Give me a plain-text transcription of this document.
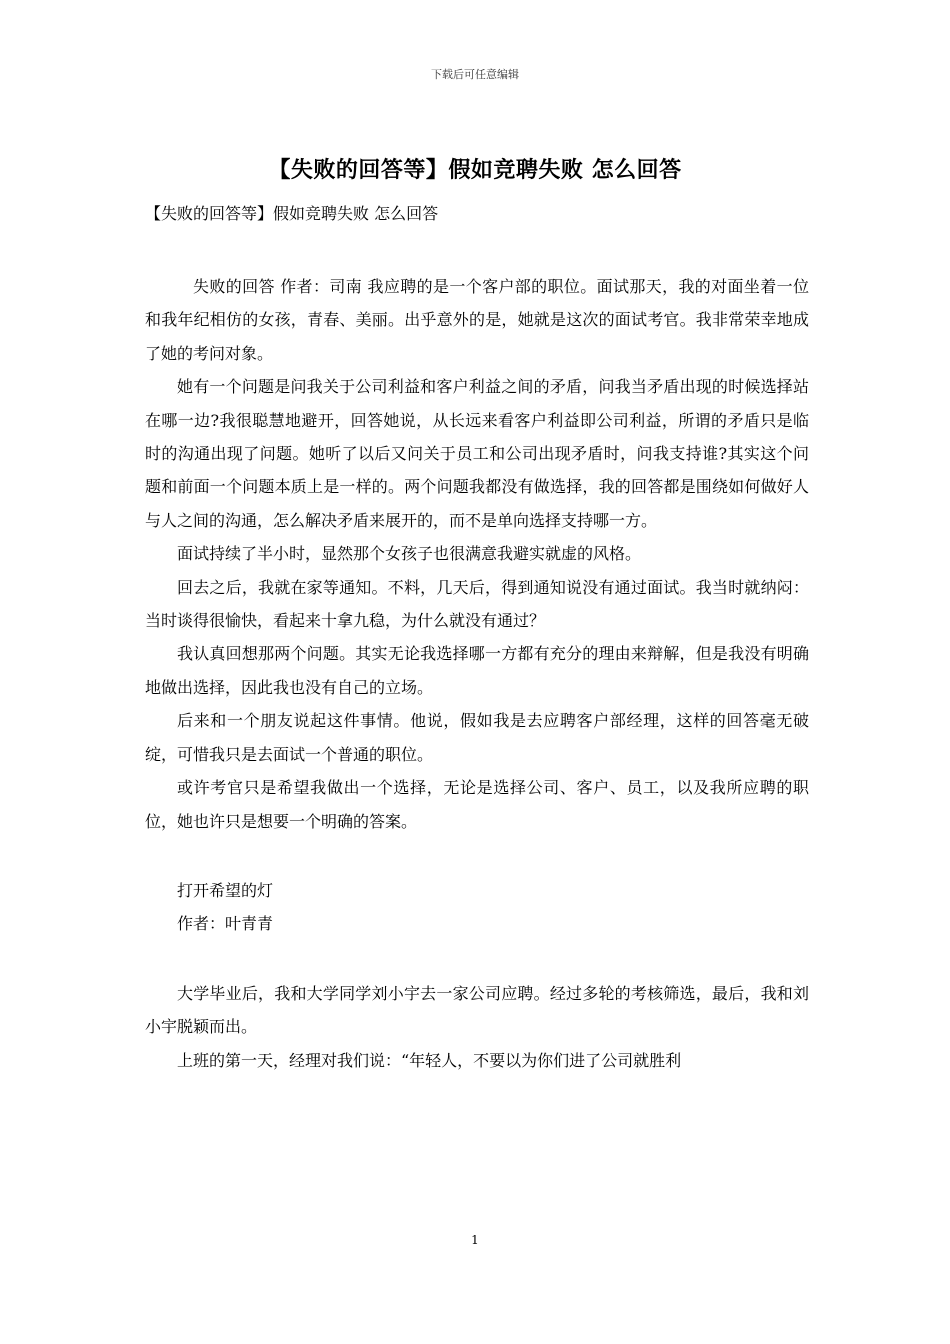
下载后可任意编辑
【失败的回答等】假如竞聘失败 怎么回答
【失败的回答等】假如竞聘失败 怎么回答

失败的回答 作者：司南 我应聘的是一个客户部的职位。面试那天，我的对面坐着一位和我年纪相仿的女孩，青春、美丽。出乎意外的是，她就是这次的面试考官。我非常荣幸地成了她的考问对象。

她有一个问题是问我关于公司利益和客户利益之间的矛盾，问我当矛盾出现的时候选择站在哪一边?我很聪慧地避开，回答她说，从长远来看客户利益即公司利益，所谓的矛盾只是临时的沟通出现了问题。她听了以后又问关于员工和公司出现矛盾时，问我支持谁?其实这个问题和前面一个问题本质上是一样的。两个问题我都没有做选择，我的回答都是围绕如何做好人与人之间的沟通，怎么解决矛盾来展开的，而不是单向选择支持哪一方。

面试持续了半小时，显然那个女孩子也很满意我避实就虚的风格。

回去之后，我就在家等通知。不料，几天后，得到通知说没有通过面试。我当时就纳闷：当时谈得很愉快，看起来十拿九稳，为什么就没有通过？

我认真回想那两个问题。其实无论我选择哪一方都有充分的理由来辩解，但是我没有明确地做出选择，因此我也没有自己的立场。

后来和一个朋友说起这件事情。他说，假如我是去应聘客户部经理，这样的回答毫无破绽，可惜我只是去面试一个普通的职位。

或许考官只是希望我做出一个选择，无论是选择公司、客户、员工，以及我所应聘的职位，她也许只是想要一个明确的答案。

打开希望的灯

作者：叶青青

大学毕业后，我和大学同学刘小宇去一家公司应聘。经过多轮的考核筛选，最后，我和刘小宇脱颖而出。

上班的第一天，经理对我们说：“年轻人，不要以为你们进了公司就胜利

1
